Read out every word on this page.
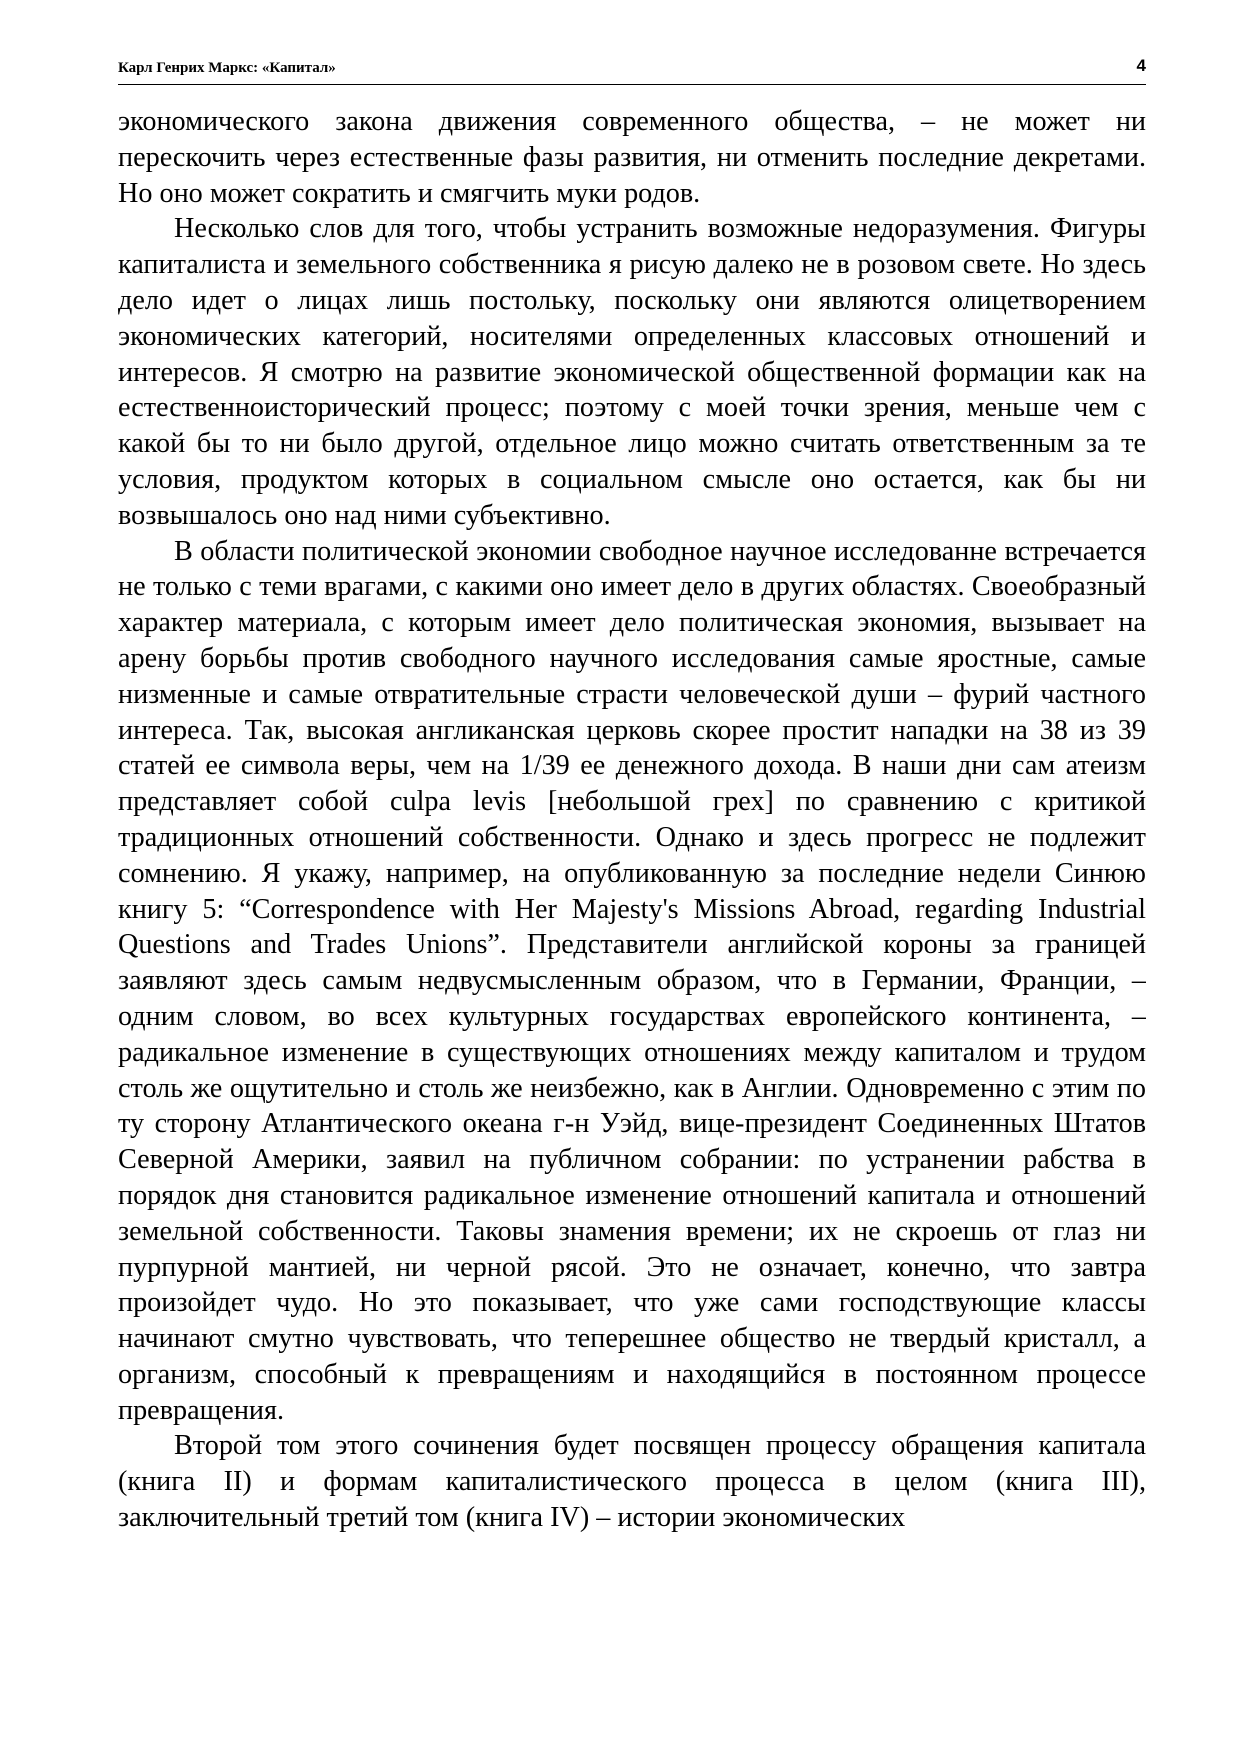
Карл Генрих Маркс: «Капитал»	4

экономического закона движения современного общества, – не может ни перескочить через естественные фазы развития, ни отменить последние декретами. Но оно может сократить и смягчить муки родов.

Несколько слов для того, чтобы устранить возможные недоразумения. Фигуры капиталиста и земельного собственника я рисую далеко не в розовом свете. Но здесь дело идет о лицах лишь постольку, поскольку они являются олицетворением экономических категорий, носителями определенных классовых отношений и интересов. Я смотрю на развитие экономической общественной формации как на естественноисторический процесс; поэтому с моей точки зрения, меньше чем с какой бы то ни было другой, отдельное лицо можно считать ответственным за те условия, продуктом которых в социальном смысле оно остается, как бы ни возвышалось оно над ними субъективно.

В области политической экономии свободное научное исследованне встречается не только с теми врагами, с какими оно имеет дело в других областях. Своеобразный характер материала, с которым имеет дело политическая экономия, вызывает на арену борьбы против свободного научного исследования самые яростные, самые низменные и самые отвратительные страсти человеческой души – фурий частного интереса. Так, высокая англиканская церковь скорее простит нападки на 38 из 39 статей ее символа веры, чем на 1/39 ее денежного дохода. В наши дни сам атеизм представляет собой culpa levis [небольшой грех] по сравнению с критикой традиционных отношений собственности. Однако и здесь прогресс не подлежит сомнению. Я укажу, например, на опубликованную за последние недели Синюю книгу 5: “Correspondence with Her Majesty's Missions Abroad, regarding Industrial Questions and Trades Unions”. Представители английской короны за границей заявляют здесь самым недвусмысленным образом, что в Германии, Франции, – одним словом, во всех культурных государствах европейского континента, – радикальное изменение в существующих отношениях между капиталом и трудом столь же ощутительно и столь же неизбежно, как в Англии. Одновременно с этим по ту сторону Атлантического океана г-н Уэйд, вице-президент Соединенных Штатов Северной Америки, заявил на публичном собрании: по устранении рабства в порядок дня становится радикальное изменение отношений капитала и отношений земельной собственности. Таковы знамения времени; их не скроешь от глаз ни пурпурной мантией, ни черной рясой. Это не означает, конечно, что завтра произойдет чудо. Но это показывает, что уже сами господствующие классы начинают смутно чувствовать, что теперешнее общество не твердый кристалл, а организм, способный к превращениям и находящийся в постоянном процессе превращения.

Второй том этого сочинения будет посвящен процессу обращения капитала (книга II) и формам капиталистического процесса в целом (книга III), заключительный третий том (книга IV) – истории экономических
